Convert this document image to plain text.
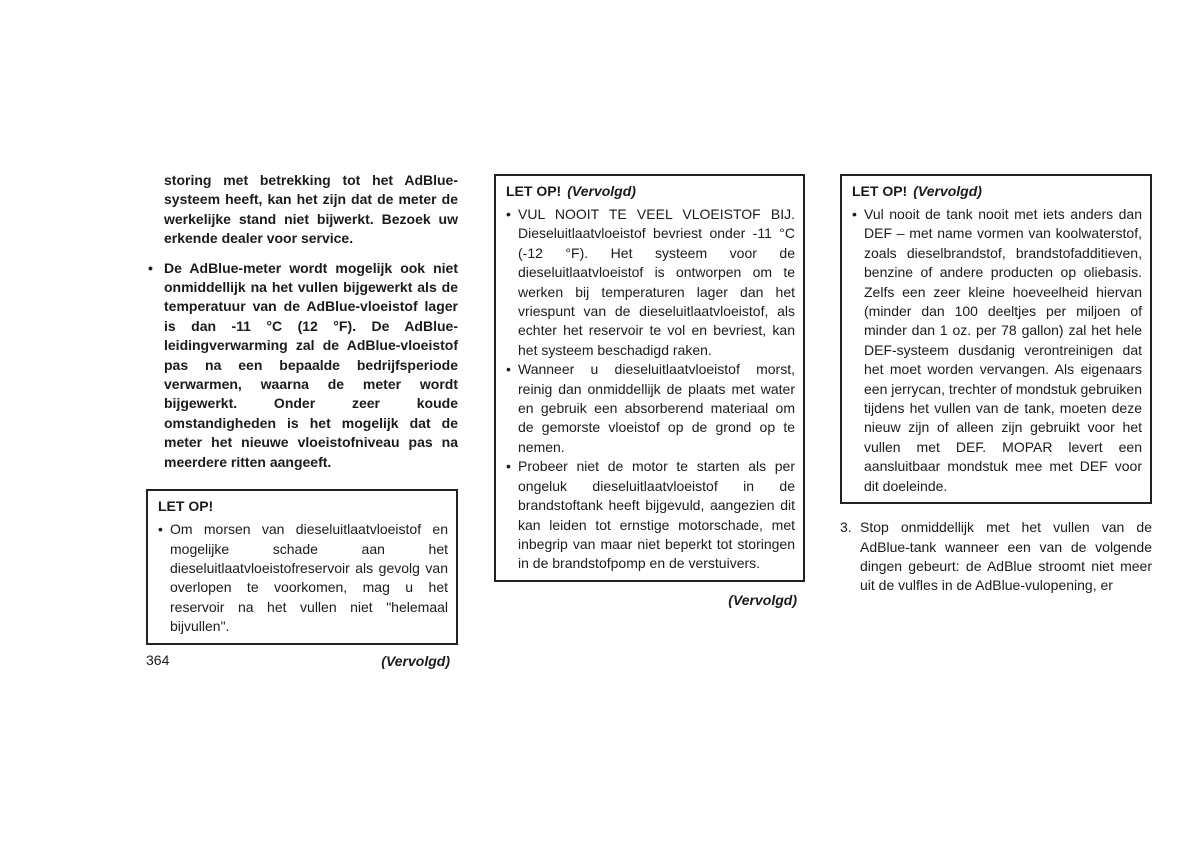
storing met betrekking tot het AdBlue-systeem heeft, kan het zijn dat de meter de werkelijke stand niet bijwerkt. Bezoek uw erkende dealer voor service.

• De AdBlue-meter wordt mogelijk ook niet onmiddellijk na het vullen bijgewerkt als de temperatuur van de AdBlue-vloeistof lager is dan -11 °C (12 °F). De AdBlue-leidingverwarming zal de AdBlue-vloeistof pas na een bepaalde bedrijfsperiode verwarmen, waarna de meter wordt bijgewerkt. Onder zeer koude omstandigheden is het mogelijk dat de meter het nieuwe vloeistofniveau pas na meerdere ritten aangeeft.

LET OP!

• Om morsen van dieseluitlaatvloeistof en mogelijke schade aan het dieseluitlaatvloeistofreservoir als gevolg van overlopen te voorkomen, mag u het reservoir na het vullen niet "helemaal bijvullen".
(Vervolgd)

LET OP! (Vervolgd)

• VUL NOOIT TE VEEL VLOEISTOF BIJ. Dieseluitlaatvloeistof bevriest onder -11 °C (-12 °F). Het systeem voor de dieseluitlaatvloeistof is ontworpen om te werken bij temperaturen lager dan het vriespunt van de dieseluitlaatvloeistof, als echter het reservoir te vol en bevriest, kan het systeem beschadigd raken.
• Wanneer u dieseluitlaatvloeistof morst, reinig dan onmiddellijk de plaats met water en gebruik een absorberend materiaal om de gemorste vloeistof op de grond op te nemen.
• Probeer niet de motor te starten als per ongeluk dieseluitlaatvloeistof in de brandstoftank heeft bijgevuld, aangezien dit kan leiden tot ernstige motorschade, met inbegrip van maar niet beperkt tot storingen in de brandstofpomp en de verstuivers.
(Vervolgd)

LET OP! (Vervolgd)

• Vul nooit de tank nooit met iets anders dan DEF – met name vormen van koolwaterstof, zoals dieselbrandstof, brandstofadditieven, benzine of andere producten op oliebasis. Zelfs een zeer kleine hoeveelheid hiervan (minder dan 100 deeltjes per miljoen of minder dan 1 oz. per 78 gallon) zal het hele DEF-systeem dusdanig verontreinigen dat het moet worden vervangen. Als eigenaars een jerrycan, trechter of mondstuk gebruiken tijdens het vullen van de tank, moeten deze nieuw zijn of alleen zijn gebruikt voor het vullen met DEF. MOPAR levert een aansluitbaar mondstuk mee met DEF voor dit doeleinde.
3. Stop onmiddellijk met het vullen van de AdBlue-tank wanneer een van de volgende dingen gebeurt: de AdBlue stroomt niet meer uit de vulfles in de AdBlue-vulopening, er
364
